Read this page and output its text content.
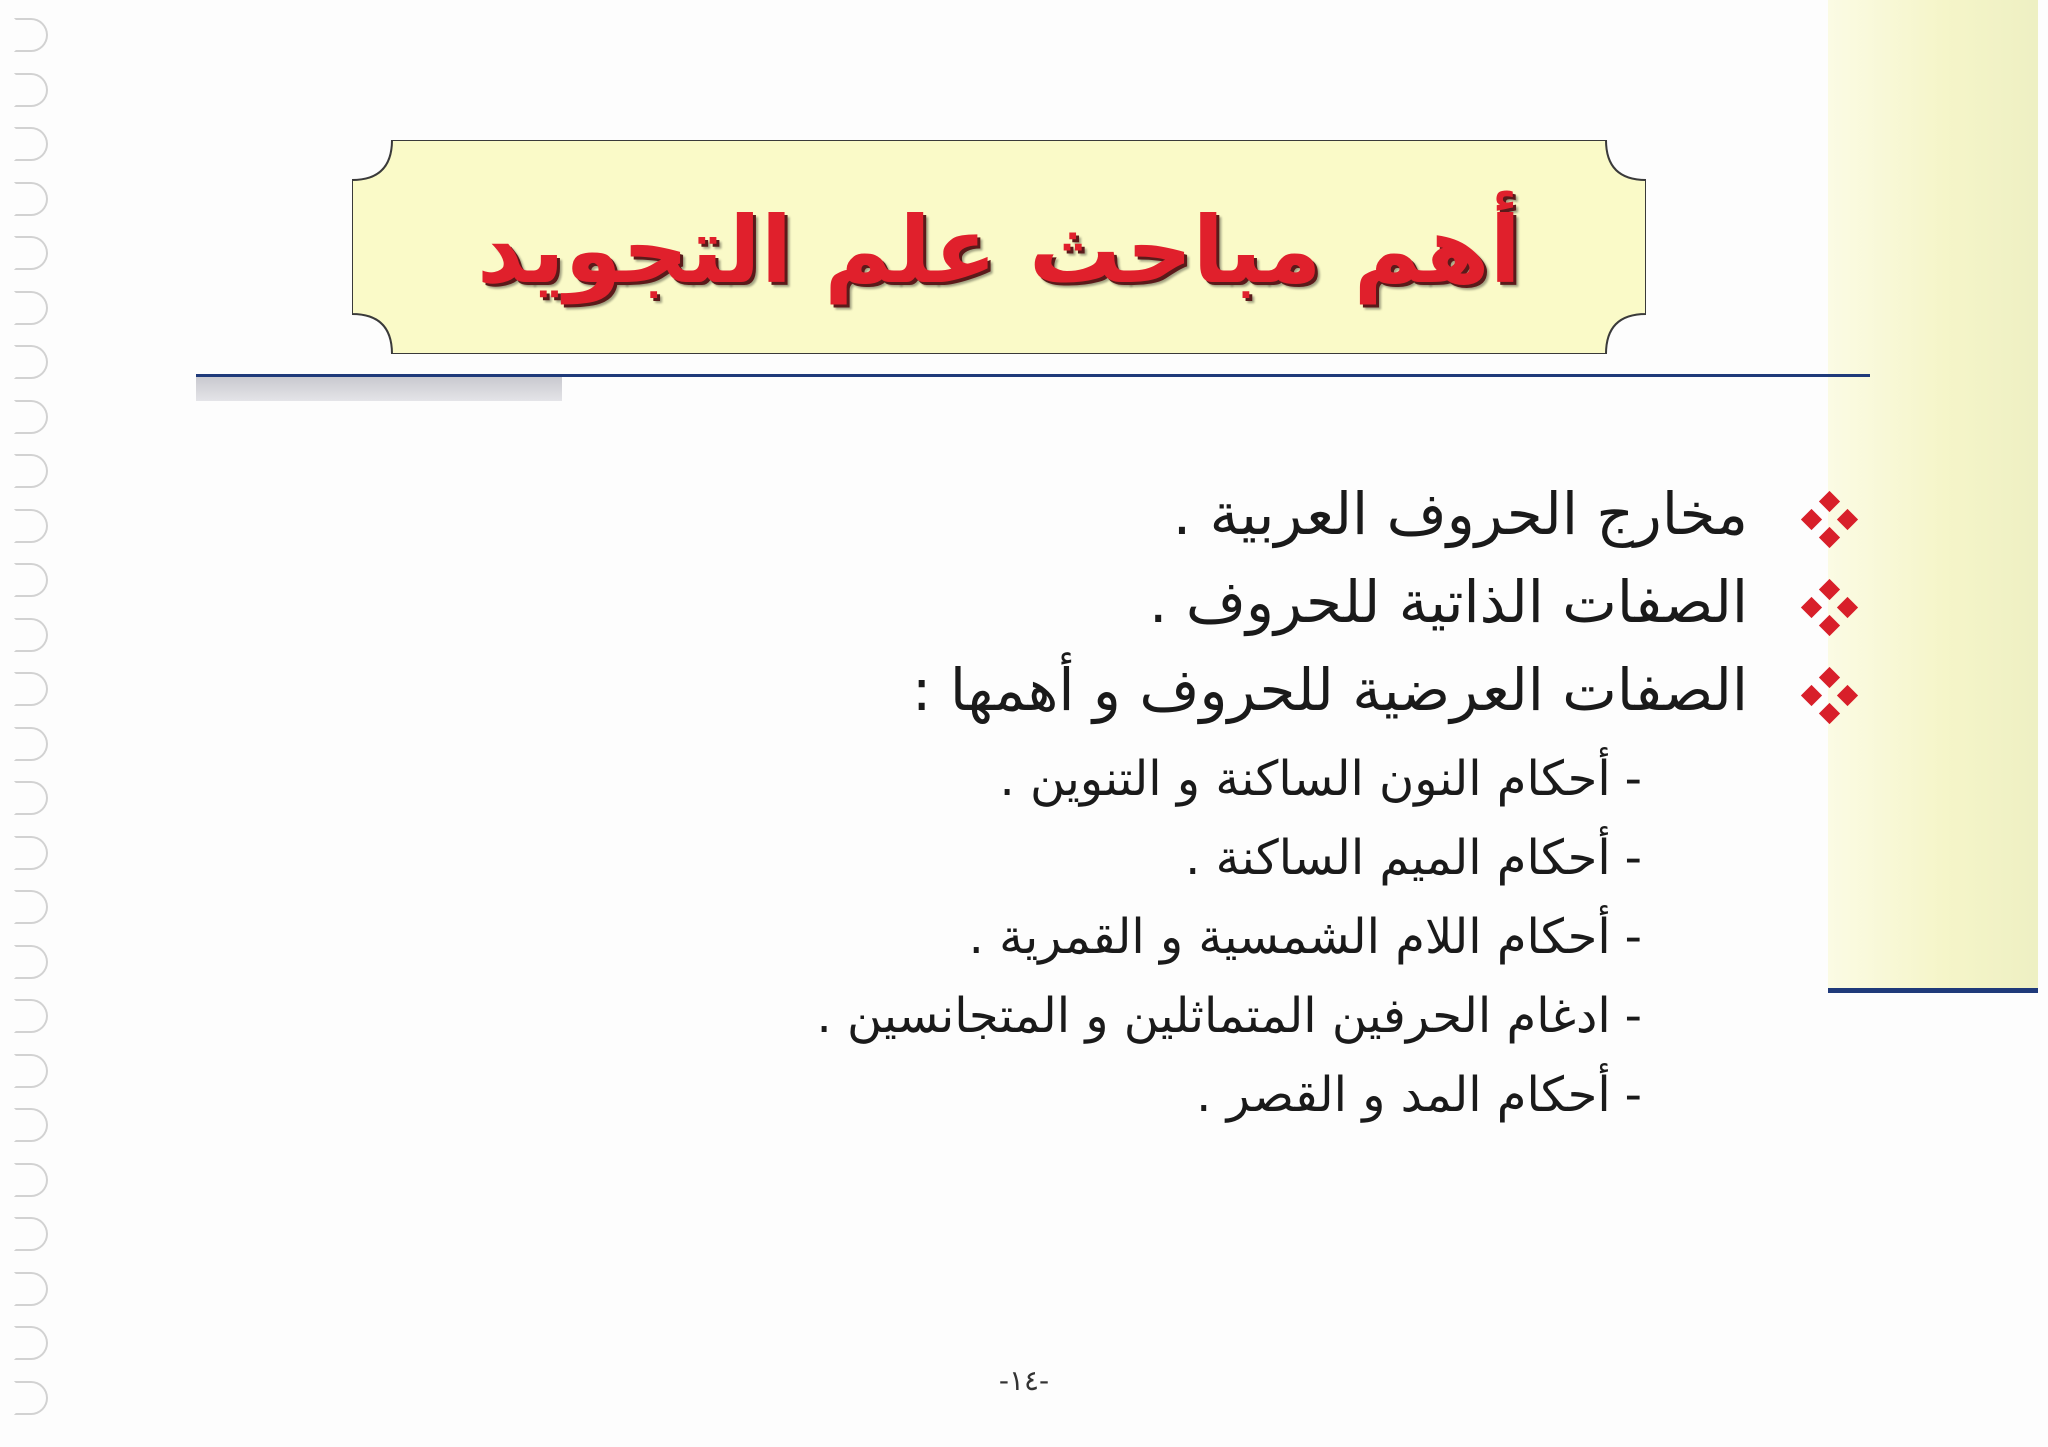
أهم مباحث علم التجويد
مخارج الحروف العربية .
الصفات الذاتية للحروف .
الصفات العرضية للحروف و أهمها :
-أحكام النون الساكنة و التنوين .
-أحكام الميم الساكنة .
-أحكام اللام الشمسية و القمرية .
-ادغام الحرفين المتماثلين و المتجانسين .
-أحكام المد و القصر .
-١٤-
